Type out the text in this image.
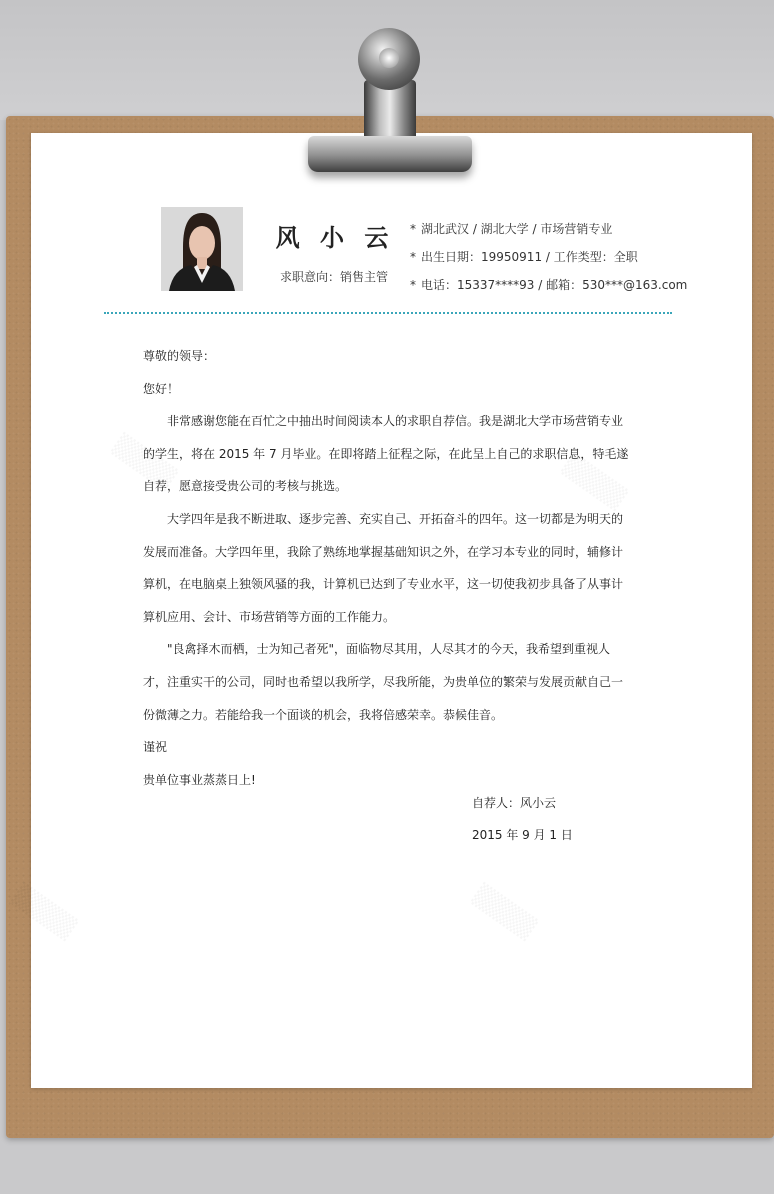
风 小 云
求职意向：销售主管
* 湖北武汉 / 湖北大学 / 市场营销专业
* 出生日期：19950911 / 工作类型：全职
* 电话：15337****93 / 邮箱：530***@163.com

尊敬的领导：

您好！

非常感谢您能在百忙之中抽出时间阅读本人的求职自荐信。我是湖北大学市场营销专业的学生，将在 2015 年 7 月毕业。在即将踏上征程之际，在此呈上自己的求职信息，特毛遂自荐，愿意接受贵公司的考核与挑选。

大学四年是我不断进取、逐步完善、充实自己、开拓奋斗的四年。这一切都是为明天的发展而准备。大学四年里，我除了熟练地掌握基础知识之外，在学习本专业的同时，辅修计算机，在电脑桌上独领风骚的我，计算机已达到了专业水平，这一切使我初步具备了从事计算机应用、会计、市场营销等方面的工作能力。

"良禽择木而栖，士为知己者死"，面临物尽其用，人尽其才的今天，我希望到重视人才，注重实干的公司，同时也希望以我所学，尽我所能，为贵单位的繁荣与发展贡献自己一份微薄之力。若能给我一个面谈的机会，我将倍感荣幸。恭候佳音。

谨祝

贵单位事业蒸蒸日上!

自荐人：风小云
2015 年 9 月 1 日
